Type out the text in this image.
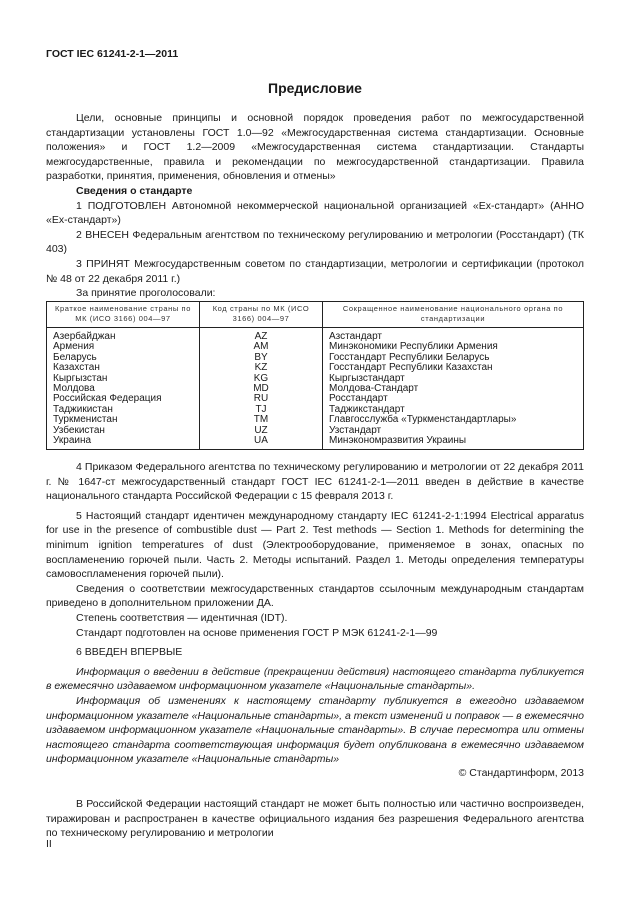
ГОСТ IEC 61241-2-1—2011
Предисловие

Цели, основные принципы и основной порядок проведения работ по межгосударственной стандартизации установлены ГОСТ 1.0—92 «Межгосударственная система стандартизации. Основные положения» и ГОСТ 1.2—2009 «Межгосударственная система стандартизации. Стандарты межгосударственные, правила и рекомендации по межгосударственной стандартизации. Правила разработки, принятия, применения, обновления и отмены»

Сведения о стандарте

1 ПОДГОТОВЛЕН Автономной некоммерческой национальной организацией «Ех-стандарт» (АННО «Ех-стандарт»)

2 ВНЕСЕН Федеральным агентством по техническому регулированию и метрологии (Росстандарт) (ТК 403)

3 ПРИНЯТ Межгосударственным советом по стандартизации, метрологии и сертификации (протокол № 48 от 22 декабря 2011 г.)

За принятие проголосовали:

Краткое наименование страны по МК (ИСО 3166) 004—97	Код страны по МК (ИСО 3166) 004—97	Сокращенное наименование национального органа по стандартизации
Азербайджан	AZ	Азстандарт
Армения	AM	Минэкономики Республики Армения
Беларусь	BY	Госстандарт Республики Беларусь
Казахстан	KZ	Госстандарт Республики Казахстан
Кыргызстан	KG	Кыргызстандарт
Молдова	MD	Молдова-Стандарт
Российская Федерация	RU	Росстандарт
Таджикистан	TJ	Таджикстандарт
Туркменистан	TM	Главгосслужба «Туркменстандартлары»
Узбекистан	UZ	Узстандарт
Украина	UA	Минэкономразвития Украины

4 Приказом Федерального агентства по техническому регулированию и метрологии от 22 декабря 2011 г. № 1647-ст межгосударственный стандарт ГОСТ IEC 61241-2-1—2011 введен в действие в качестве национального стандарта Российской Федерации с 15 февраля 2013 г.

5 Настоящий стандарт идентичен международному стандарту IEC 61241-2-1:1994 Electrical apparatus for use in the presence of combustible dust — Part 2. Test methods — Section 1. Methods for determining the minimum ignition temperatures of dust (Электрооборудование, применяемое в зонах, опасных по воспламенению горючей пыли. Часть 2. Методы испытаний. Раздел 1. Методы определения температуры самовоспламенения горючей пыли).

Сведения о соответствии межгосударственных стандартов ссылочным международным стандартам приведено в дополнительном приложении ДА.

Степень соответствия — идентичная (IDT).

Стандарт подготовлен на основе применения ГОСТ Р МЭК 61241-2-1—99

6 ВВЕДЕН ВПЕРВЫЕ

Информация о введении в действие (прекращении действия) настоящего стандарта публикуется в ежемесячно издаваемом информационном указателе «Национальные стандарты».

Информация об изменениях к настоящему стандарту публикуется в ежегодно издаваемом информационном указателе «Национальные стандарты», а текст изменений и поправок — в ежемесячно издаваемом информационном указателе «Национальные стандарты». В случае пересмотра или отмены настоящего стандарта соответствующая информация будет опубликована в ежемесячно издаваемом информационном указателе «Национальные стандарты»

© Стандартинформ, 2013

В Российской Федерации настоящий стандарт не может быть полностью или частично воспроизведен, тиражирован и распространен в качестве официального издания без разрешения Федерального агентства по техническому регулированию и метрологии

II
